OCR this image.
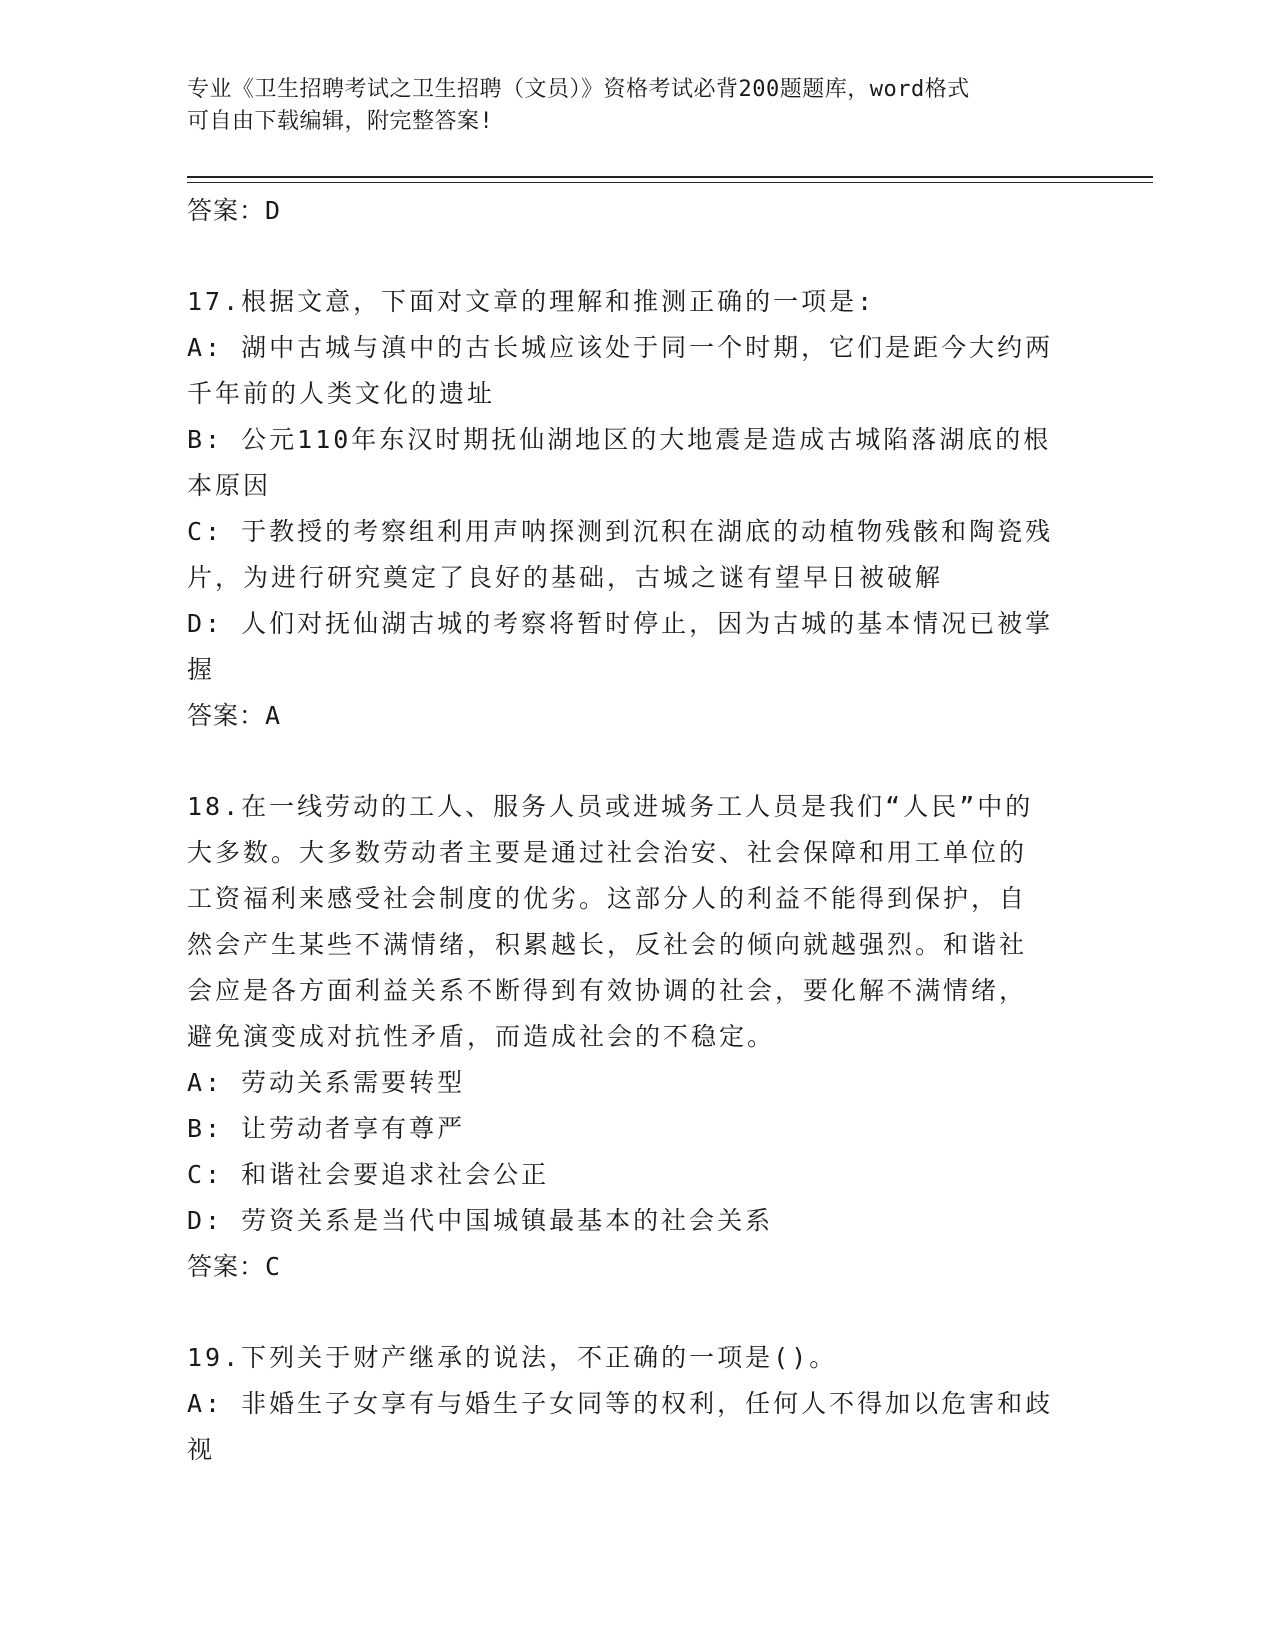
专业《卫生招聘考试之卫生招聘（文员）》资格考试必背200题题库，word格式
可自由下载编辑，附完整答案!
答案：D
17.根据文意，下面对文章的理解和推测正确的一项是:
A: 湖中古城与滇中的古长城应该处于同一个时期，它们是距今大约两
千年前的人类文化的遗址
B: 公元110年东汉时期抚仙湖地区的大地震是造成古城陷落湖底的根
本原因
C: 于教授的考察组利用声呐探测到沉积在湖底的动植物残骸和陶瓷残
片，为进行研究奠定了良好的基础，古城之谜有望早日被破解
D: 人们对抚仙湖古城的考察将暂时停止，因为古城的基本情况已被掌
握
答案：A
18.在一线劳动的工人、服务人员或进城务工人员是我们“人民”中的
大多数。大多数劳动者主要是通过社会治安、社会保障和用工单位的
工资福利来感受社会制度的优劣。这部分人的利益不能得到保护，自
然会产生某些不满情绪，积累越长，反社会的倾向就越强烈。和谐社
会应是各方面利益关系不断得到有效协调的社会，要化解不满情绪，
避免演变成对抗性矛盾，而造成社会的不稳定。
A: 劳动关系需要转型
B: 让劳动者享有尊严
C: 和谐社会要追求社会公正
D: 劳资关系是当代中国城镇最基本的社会关系
答案：C
19.下列关于财产继承的说法，不正确的一项是()。
A: 非婚生子女享有与婚生子女同等的权利，任何人不得加以危害和歧
视
